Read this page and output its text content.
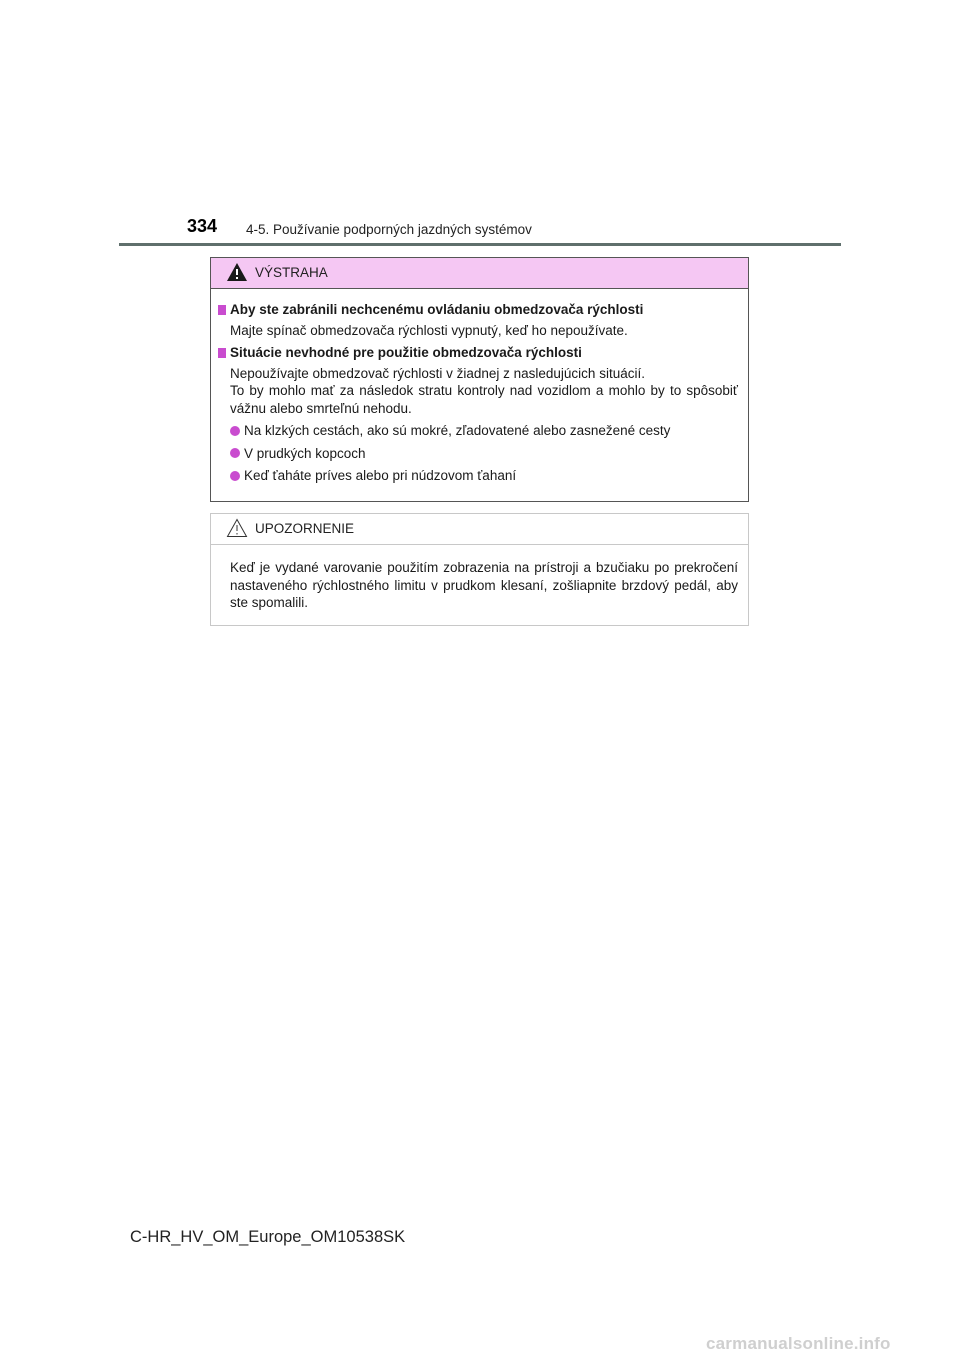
334 4-5. Používanie podporných jazdných systémov
VÝSTRAHA
Aby ste zabránili nechcenému ovládaniu obmedzovača rýchlosti
Majte spínač obmedzovača rýchlosti vypnutý, keď ho nepoužívate.
Situácie nevhodné pre použitie obmedzovača rýchlosti
Nepoužívajte obmedzovač rýchlosti v žiadnej z nasledujúcich situácií.
To by mohlo mať za následok stratu kontroly nad vozidlom a mohlo by to spôsobiť vážnu alebo smrteľnú nehodu.
Na klzkých cestách, ako sú mokré, zľadovatené alebo zasnežené cesty
V prudkých kopcoch
Keď ťaháte príves alebo pri núdzovom ťahaní
UPOZORNENIE
Keď je vydané varovanie použitím zobrazenia na prístroji a bzučiaku po prekročení nastaveného rýchlostného limitu v prudkom klesaní, zošliapnite brzdový pedál, aby ste spomalili.
C-HR_HV_OM_Europe_OM10538SK
carmanualsonline.info
